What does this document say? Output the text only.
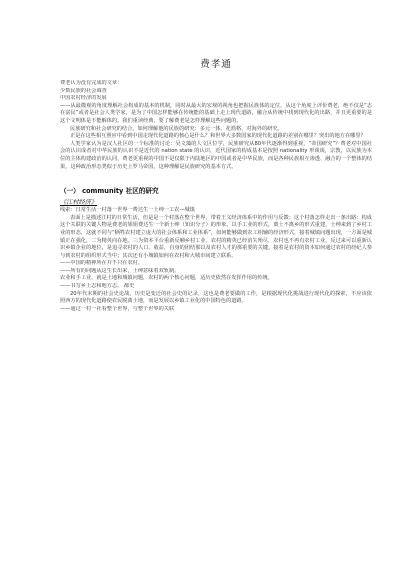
费孝通

费老认为没有完成的文章：

少数民族的社会调查

中国农村经济的发展

——从最微观的角度理解社会构成的基本的机制，同时从最大的宏观的视角也把握民族体的定位。从这个角度上评价费老，绝不仅是“志在富民”或者是社会人类学家，是为了中国怎样能够在传统能的基础上走上现代道路，融合从传统中找到现代化的出路，并且更重要的是这个文明体是不能解体的。我们重读经典，要了解费老是怎样理解这些问题的。

民族研究和社会研究的结合，如何理解他的民族的研究：多元一体、花篮格、对海外的研究。

正是在这些相互照应中看到中国走现代化道路的核心是什么？和世界大多数国家的现代化道路的差别在哪里？突出的地方在哪里？

人类学家认为是汉人社区的一个标准的讨论：吴文藻的人文区位学，民族研究从80年代逐渐得到重视，“帝国研究”？费老对中国社会的认识成者对中华民族的认识不是近代的 nation state 的认识，近代国家的构成基本是按照 nationality 形谈谈，宗教，以民族为本位的主体构建政治的认同，费老更重视的中国不是仅限于内陆地区的中国或者是中华民族，而是各种民族相互渗透、融合的一个整体的结果，这种政治形态类似于历史上罗马帝国，这种理解是民族研究的基本方式。

（一） community 社区的研究
《江村经济》

线索：日常生活一村落一世界一费达生一土绅一工农—城镇

表面上是描述江村的日常生活，但是是一个村落在整个世界，带着王义经济体系中的作用与反馈；这个村落怎样走出一条出路：构成这个关联的关键人物是费老的姐姐费达生一个新士绅（知识分子）的形象，以手工业的形式，离土不离乡的形式重建。士绅来到了乡村工业的形态，这就不同与“牺牲农村建立庞大的社会体系和工业体系”，如何能够做到农工相辅的经济形式，接着城镇问题出现，一方面是城镇正在强化，二为精英向在地。三为资本平台重新反哺乡村工业。农村的精英已经消失殆尽，农村也不再有农村工业，反过来可以重新认识乡镇企业的地位，是追寻农村的人口、收益，自身的团结那以及农村人才的那重要的关键。接着是农村的资本如何通过农村的经纪人参与到农村的组织形式当中；其次还有小城镇如何在农村和大城市间建立联系。

——中国的精神所在并不只在农村。

——所有的问题从这生长出来，土绅意味着双轨制。

农业和手工业，就是土地和城镇问题，农村的两个核心问题，适历史依然在发挥作用的传统。

——书写乡土志和地方志。 都史

20年代末期的社会史论战，历史是变迁的社会史的记录，这也是费老要做的工作，是根据现代化挑战进行现代化的探索，不应该依照西方的现代化道路使农民脱离土地，而是发展以乡镇工业化的中国特色的道路。

——通过一村一社看整个世界，与整个世界的关联
